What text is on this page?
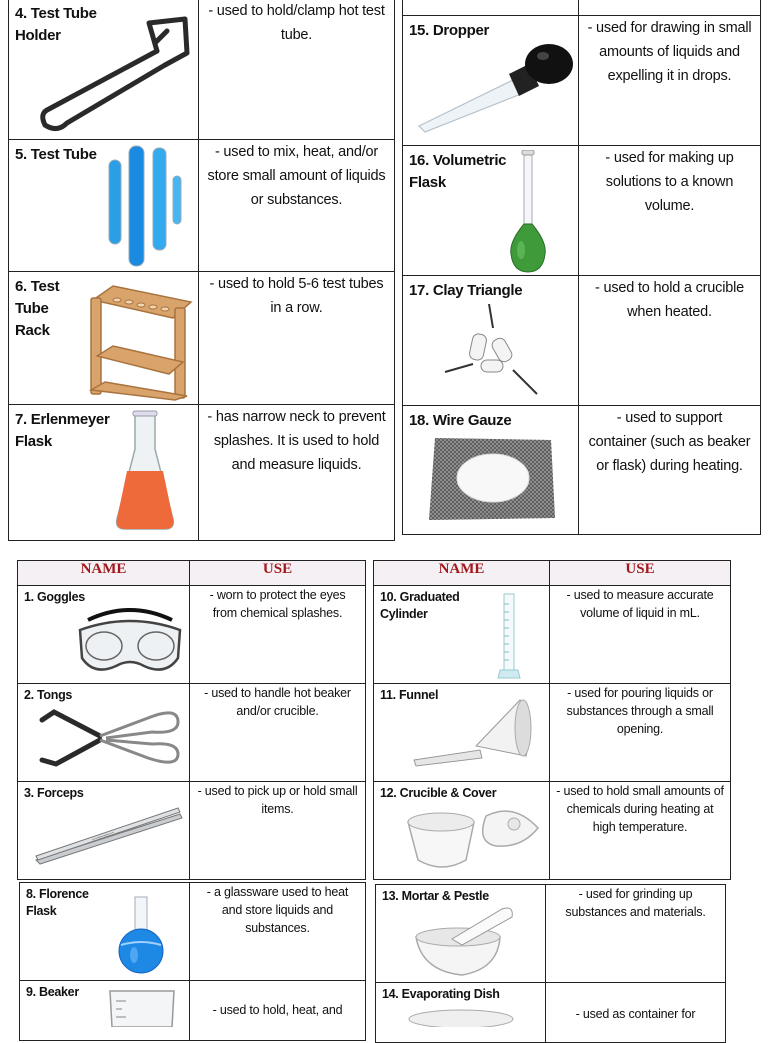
4. Test Tube
Holder	- used to hold/clamp hot test tube.

5. Test Tube	- used to mix, heat, and/or store small amount of liquids or substances.

6. Test
Tube
Rack	- used to hold 5-6 test tubes in a row.

7. Erlenmeyer
Flask	- has narrow neck to prevent splashes. It is used to hold and measure liquids.

15. Dropper	- used for drawing in small amounts of liquids and expelling it in drops.

16. Volumetric
Flask	- used for making up solutions to a known volume.

17. Clay Triangle	- used to hold a crucible when heated.

18. Wire Gauze	- used to support container (such as beaker or flask) during heating.
NAME	USE

1. Goggles	- worn to protect the eyes from chemical splashes.

2. Tongs	- used to handle hot beaker and/or crucible.

3. Forceps	- used to pick up or hold small items.
8. Florence
Flask	- a glassware used to heat and store liquids and substances.

9. Beaker	- used to hold, heat, and
NAME	USE

10. Graduated
Cylinder	- used to measure accurate volume of liquid in mL.

11. Funnel	- used for pouring liquids or substances through a small opening.

12. Crucible & Cover	- used to hold small amounts of chemicals during heating at high temperature.
13. Mortar & Pestle	- used for grinding up substances and materials.

14. Evaporating Dish	- used as container for
